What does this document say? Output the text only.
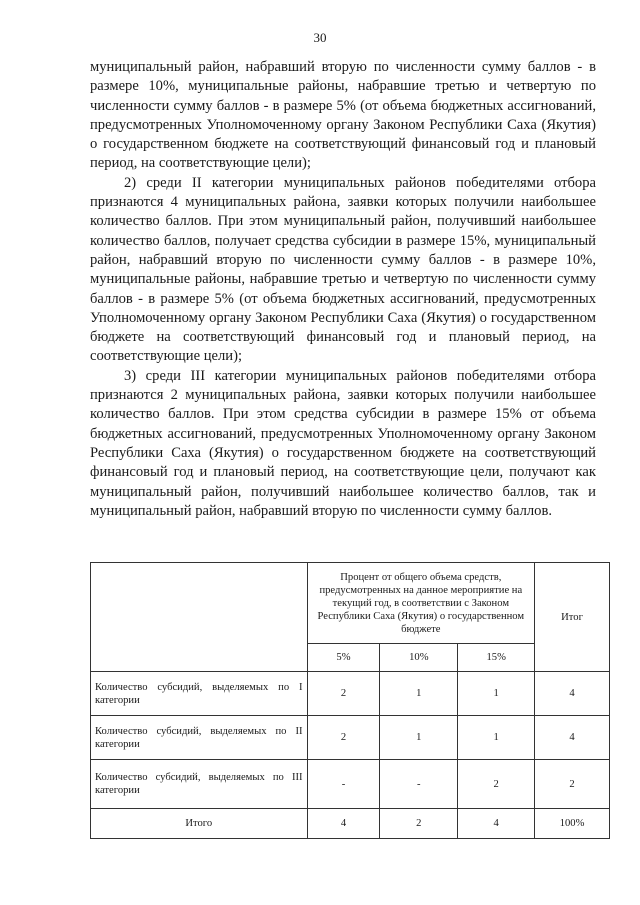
30

муниципальный район, набравший вторую по численности сумму баллов - в размере 10%, муниципальные районы, набравшие третью и четвертую по численности сумму баллов - в размере 5% (от объема бюджетных ассигнований, предусмотренных Уполномоченному органу Законом Республики Саха (Якутия) о государственном бюджете на соответствующий финансовый год и плановый период, на соответствующие цели);

2) среди II категории муниципальных районов победителями отбора признаются 4 муниципальных района, заявки которых получили наибольшее количество баллов. При этом муниципальный район, получивший наибольшее количество баллов, получает средства субсидии в размере 15%, муниципальный район, набравший вторую по численности сумму баллов - в размере 10%, муниципальные районы, набравшие третью и четвертую по численности сумму баллов - в размере 5% (от объема бюджетных ассигнований, предусмотренных Уполномоченному органу Законом Республики Саха (Якутия) о государственном бюджете на соответствующий финансовый год и плановый период, на соответствующие цели);

3) среди III категории муниципальных районов победителями отбора признаются 2 муниципальных района, заявки которых получили наибольшее количество баллов. При этом средства субсидии в размере 15% от объема бюджетных ассигнований, предусмотренных Уполномоченному органу Законом Республики Саха (Якутия) о государственном бюджете на соответствующий финансовый год и плановый период, на соответствующие цели, получают как муниципальный район, получивший наибольшее количество баллов, так и муниципальный район, набравший вторую по численности сумму баллов.

	Процент от общего объема средств, предусмотренных на данное мероприятие на текущий год, в соответствии с Законом Республики Саха (Якутия) о государственном бюджете			Итог
	5%	10%	15%	
Количество субсидий, выделяемых по I категории	2	1	1	4
Количество субсидий, выделяемых по II категории	2	1	1	4
Количество субсидий, выделяемых по III категории	-	-	2	2
Итого	4	2	4	100%
